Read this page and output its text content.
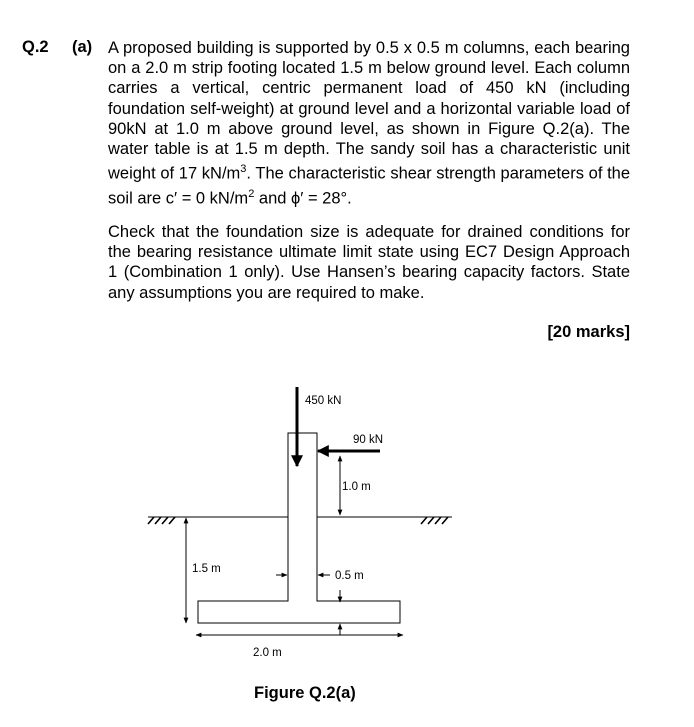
Q.2 (a) A proposed building is supported by 0.5 x 0.5 m columns, each bearing on a 2.0 m strip footing located 1.5 m below ground level. Each column carries a vertical, centric permanent load of 450 kN (including foundation self-weight) at ground level and a horizontal variable load of 90kN at 1.0 m above ground level, as shown in Figure Q.2(a). The water table is at 1.5 m depth. The sandy soil has a characteristic unit weight of 17 $kN/m^3$. The characteristic shear strength parameters of the soil are c′ = 0 $kN/m^2$ and ϕ′ = 28°.
Check that the foundation size is adequate for drained conditions for the bearing resistance ultimate limit state using EC7 Design Approach 1 (Combination 1 only). Use Hansen’s bearing capacity factors. State any assumptions you are required to make.
[20 marks]
450 kN
90 kN
1.0 m
1.5 m
0.5 m
2.0 m
Figure Q.2(a)
